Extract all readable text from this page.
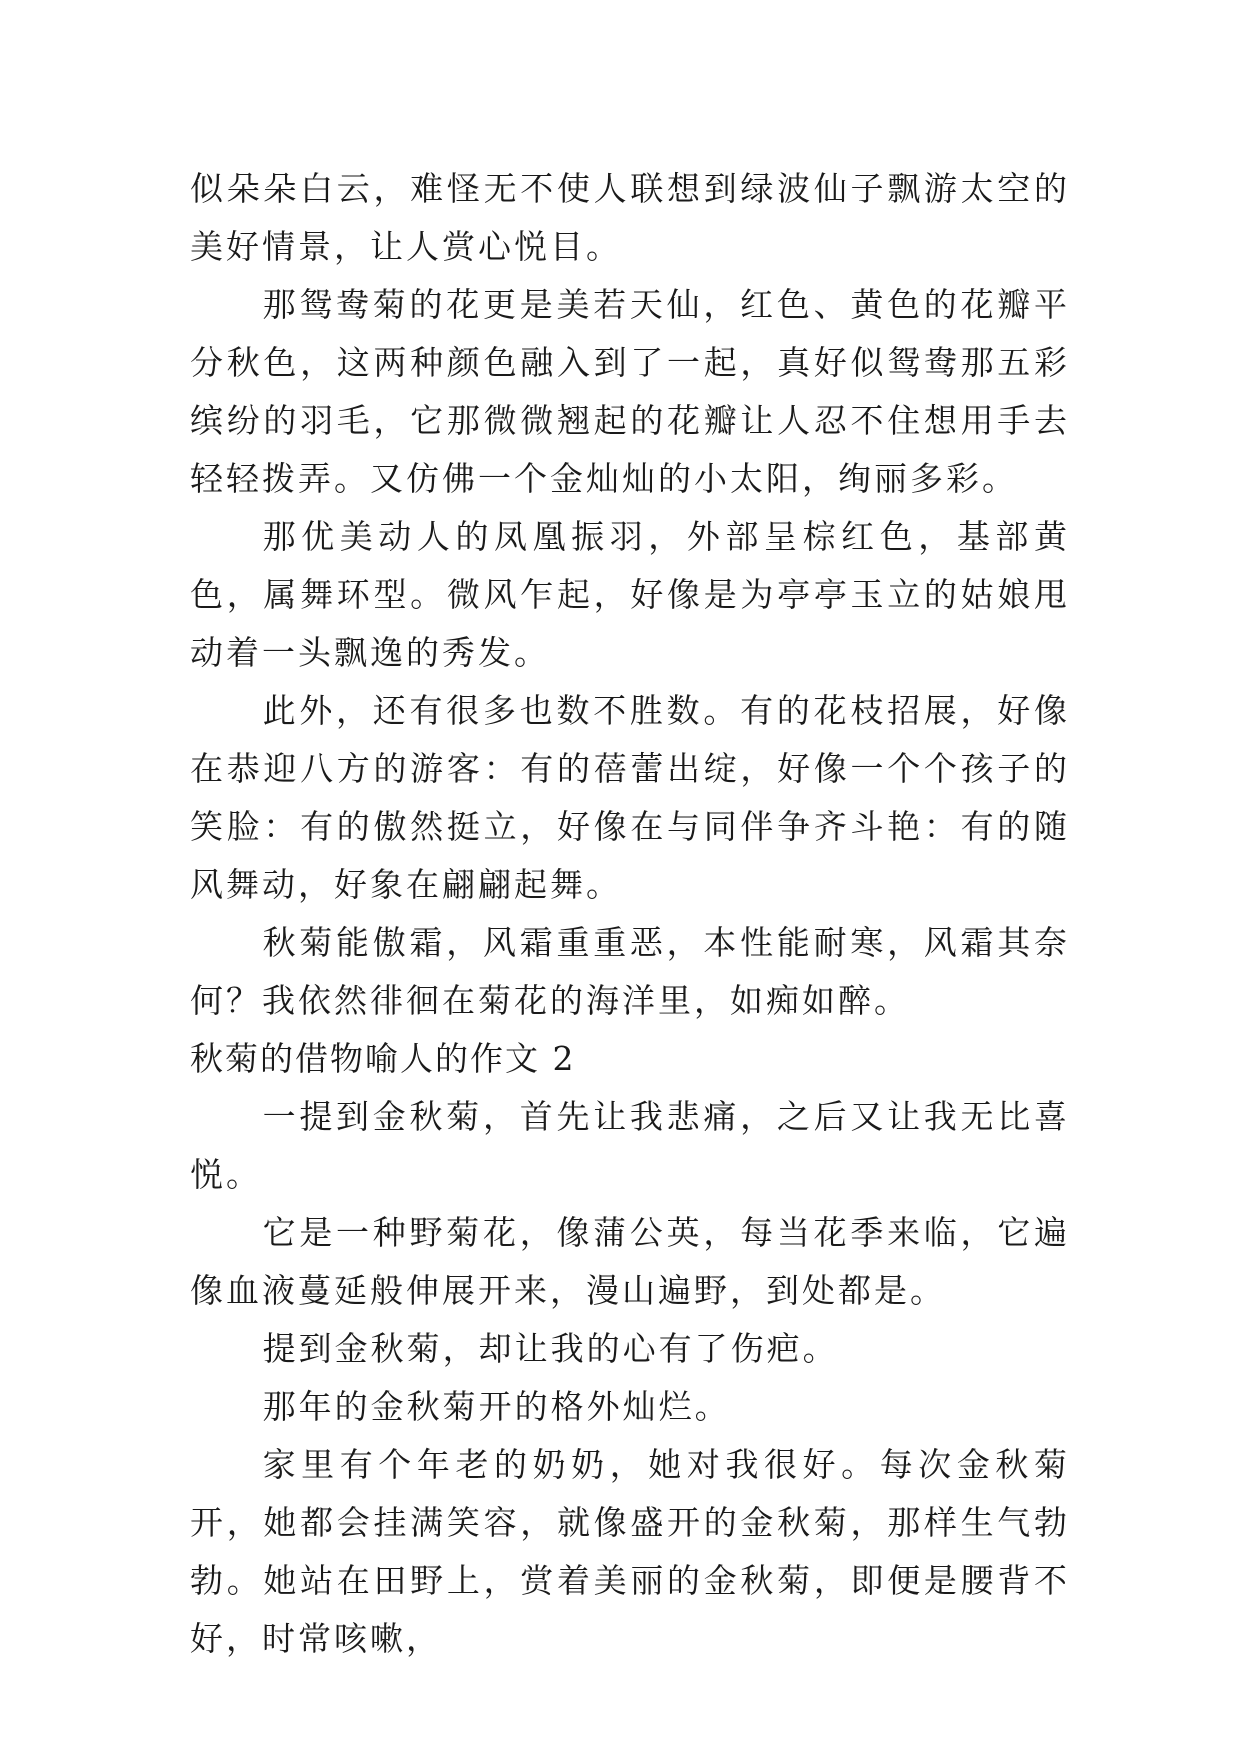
似朵朵白云，难怪无不使人联想到绿波仙子飘游太空的美好情景，让人赏心悦目。

那鸳鸯菊的花更是美若天仙，红色、黄色的花瓣平分秋色，这两种颜色融入到了一起，真好似鸳鸯那五彩缤纷的羽毛，它那微微翘起的花瓣让人忍不住想用手去轻轻拨弄。又仿佛一个金灿灿的小太阳，绚丽多彩。

那优美动人的凤凰振羽，外部呈棕红色，基部黄色，属舞环型。微风乍起，好像是为亭亭玉立的姑娘甩动着一头飘逸的秀发。

此外，还有很多也数不胜数。有的花枝招展，好像在恭迎八方的游客：有的蓓蕾出绽，好像一个个孩子的笑脸：有的傲然挺立，好像在与同伴争齐斗艳：有的随风舞动，好象在翩翩起舞。

秋菊能傲霜，风霜重重恶，本性能耐寒，风霜其奈何？我依然徘徊在菊花的海洋里，如痴如醉。

秋菊的借物喻人的作文 2

一提到金秋菊，首先让我悲痛，之后又让我无比喜悦。

它是一种野菊花，像蒲公英，每当花季来临，它遍像血液蔓延般伸展开来，漫山遍野，到处都是。

提到金秋菊，却让我的心有了伤疤。

那年的金秋菊开的格外灿烂。

家里有个年老的奶奶，她对我很好。每次金秋菊开，她都会挂满笑容，就像盛开的金秋菊，那样生气勃勃。她站在田野上，赏着美丽的金秋菊，即便是腰背不好，时常咳嗽，
